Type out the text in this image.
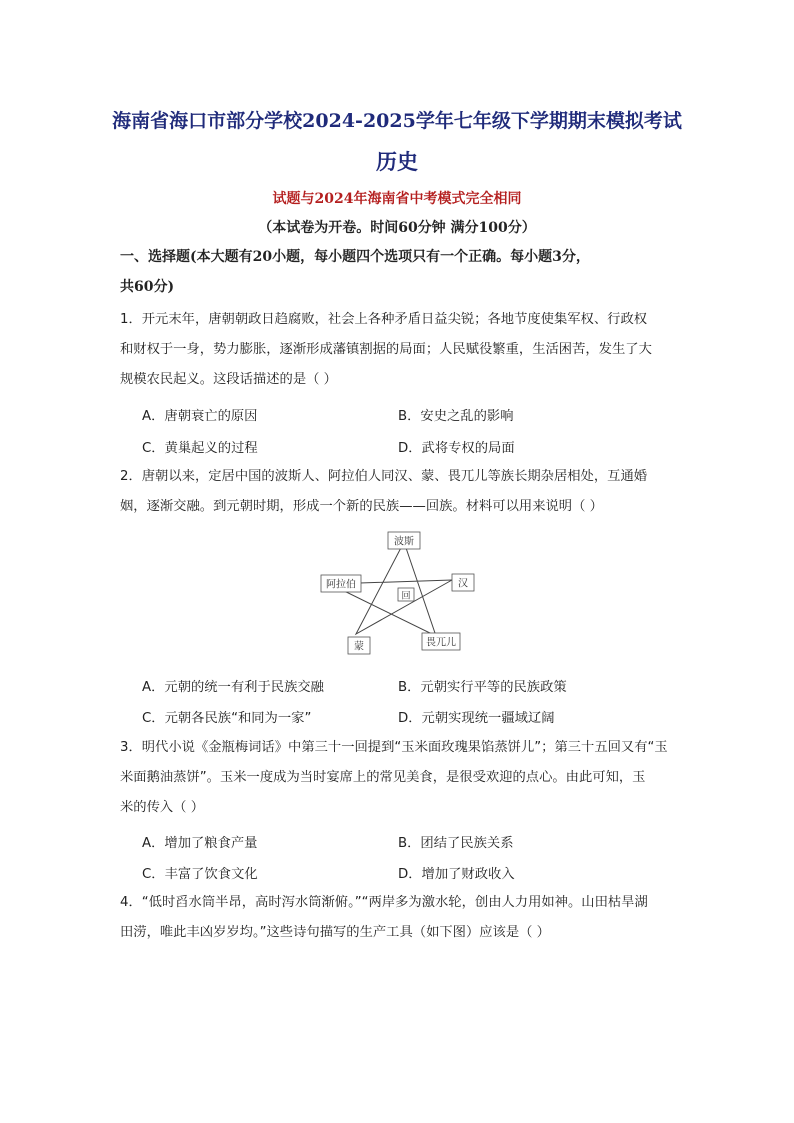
海南省海口市部分学校2024-2025学年七年级下学期期末模拟考试
历史
试题与2024年海南省中考模式完全相同
（本试卷为开卷。时间60分钟 满分100分）
一、选择题(本大题有20小题，每小题四个选项只有一个正确。每小题3分，
共60分)
1．开元末年，唐朝朝政日趋腐败，社会上各种矛盾日益尖锐；各地节度使集军权、行政权
和财权于一身，势力膨胀，逐渐形成藩镇割据的局面；人民赋役繁重，生活困苦，发生了大
规模农民起义。这段话描述的是（ ）
A．唐朝衰亡的原因	B．安史之乱的影响
C．黄巢起义的过程	D．武将专权的局面
2．唐朝以来，定居中国的波斯人、阿拉伯人同汉、蒙、畏兀儿等族长期杂居相处，互通婚
姻，逐渐交融。到元朝时期，形成一个新的民族——回族。材料可以用来说明（ ）
回
波斯
汉
畏兀儿
蒙
阿拉伯
A．元朝的统一有利于民族交融	B．元朝实行平等的民族政策
C．元朝各民族“和同为一家”	D．元朝实现统一疆域辽阔
3．明代小说《金瓶梅词话》中第三十一回提到“玉米面玫瑰果馅蒸饼儿”；第三十五回又有“玉
米面鹅油蒸饼”。玉米一度成为当时宴席上的常见美食，是很受欢迎的点心。由此可知，玉
米的传入（ ）
A．增加了粮食产量	B．团结了民族关系
C．丰富了饮食文化	D．增加了财政收入
4．“低时舀水筒半昂，高时泻水筒渐俯。”“两岸多为激水轮，创由人力用如神。山田枯旱湖
田涝，唯此丰凶岁岁均。”这些诗句描写的生产工具（如下图）应该是（ ）
